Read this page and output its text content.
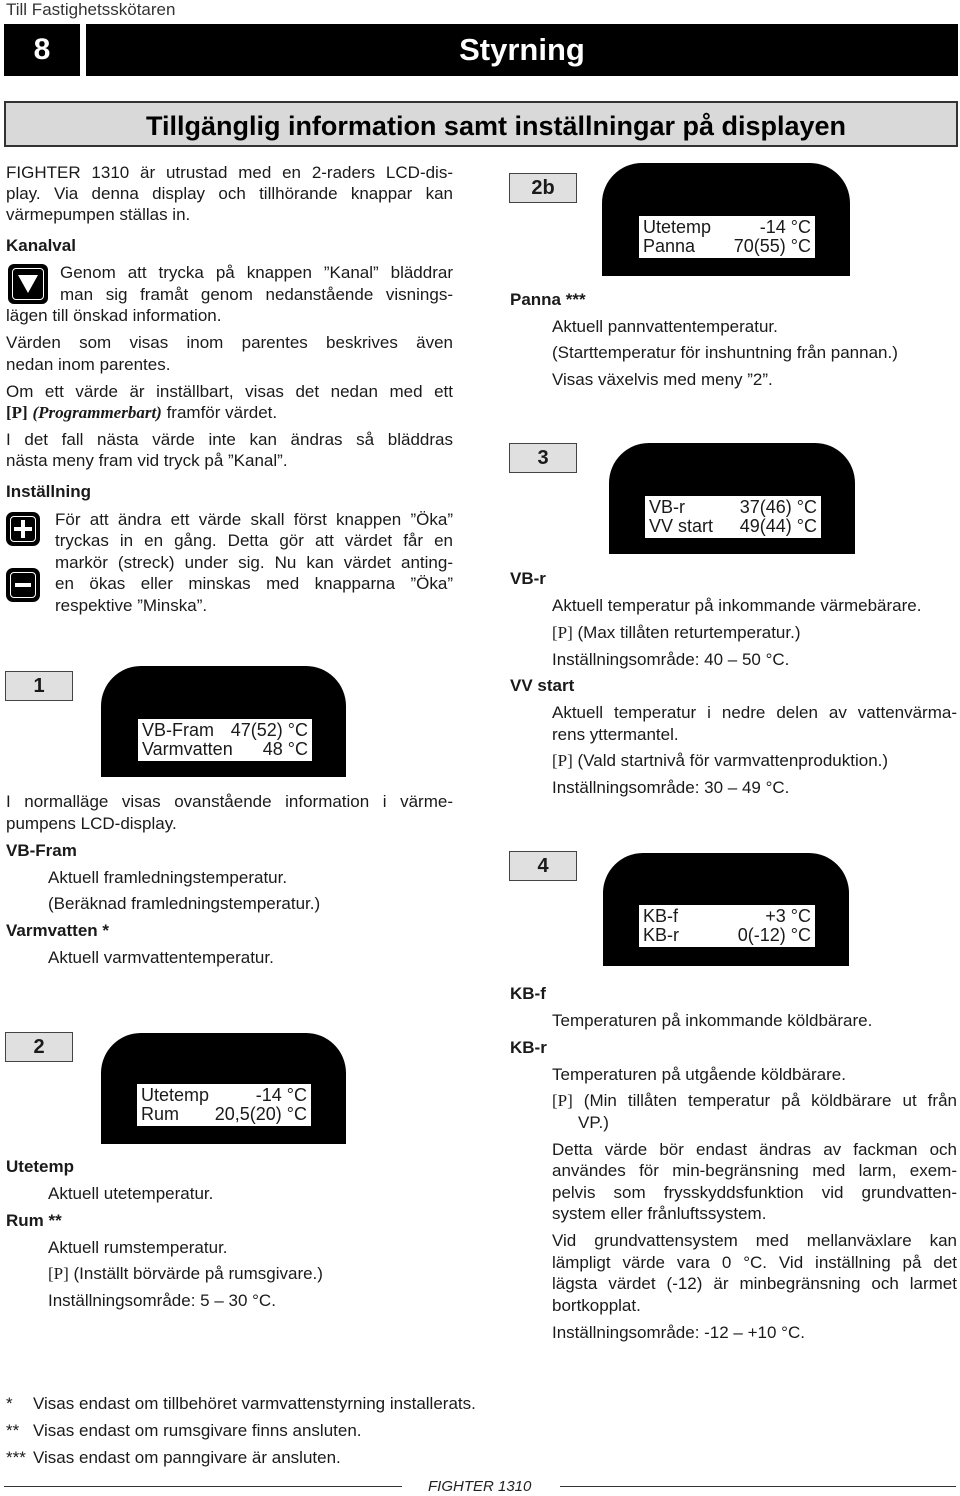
Till Fastighetsskötaren
8	Styrning
Tillgänglig information samt inställningar på displayen
FIGHTER 1310 är utrustad med en 2-raders LCD-dis-
play. Via denna display och tillhörande knappar kan
värmepumpen ställas in.
Kanalval
Genom att trycka på knappen ”Kanal” bläddrar
man sig framåt genom nedanstående visnings-
lägen till önskad information.
Värden som visas inom parentes beskrives även
nedan inom parentes.
Om ett värde är inställbart, visas det nedan med ett
[P] (Programmerbart) framför värdet.
I det fall nästa värde inte kan ändras så bläddras
nästa meny fram vid tryck på ”Kanal”.
Inställning
För att ändra ett värde skall först knappen ”Öka”
tryckas in en gång. Detta gör att värdet får en
markör (streck) under sig. Nu kan värdet anting-
en ökas eller minskas med knapparna ”Öka”
respektive ”Minska”.
1
VB-Fram 47(52) °C
Varmvatten 48 °C
I normalläge visas ovanstående information i värme-
pumpens LCD-display.
VB-Fram
Aktuell framledningstemperatur.
(Beräknad framledningstemperatur.)
Varmvatten *
Aktuell varmvattentemperatur.
2
Utetemp	-14 °C
Rum 20,5(20) °C
Utetemp
Aktuell utetemperatur.
Rum **
Aktuell rumstemperatur.
[P] (Inställt börvärde på rumsgivare.)
Inställningsområde: 5 – 30 °C.
2b
Utetemp	-14 °C
Panna 70(55) °C
Panna ***
Aktuell pannvattentemperatur.
(Starttemperatur för inshuntning från pannan.)
Visas växelvis med meny ”2”.
3
VB-r	37(46) °C
VV start 49(44) °C
VB-r
Aktuell temperatur på inkommande värmebärare.
[P] (Max tillåten returtemperatur.)
Inställningsområde: 40 – 50 °C.
VV start
Aktuell temperatur i nedre delen av vattenvärma-
rens yttermantel.
[P] (Vald startnivå för varmvattenproduktion.)
Inställningsområde: 30 – 49 °C.
4
KB-f	+3 °C
KB-r	0(-12) °C
KB-f
Temperaturen på inkommande köldbärare.
KB-r
Temperaturen på utgående köldbärare.
[P] (Min tillåten temperatur på köldbärare ut från
VP.)
Detta värde bör endast ändras av fackman och
användes för min-begränsning med larm, exem-
pelvis som frysskyddsfunktion vid grundvatten-
system eller frånluftssystem.
Vid grundvattensystem med mellanväxlare kan
lämpligt värde vara 0 °C. Vid inställning på det
lägsta värdet (-12) är minbegränsning och larmet
bortkopplat.
Inställningsområde: -12 – +10 °C.
* Visas endast om tillbehöret varmvattenstyrning installerats.
** Visas endast om rumsgivare finns ansluten.
*** Visas endast om panngivare är ansluten.
FIGHTER 1310
